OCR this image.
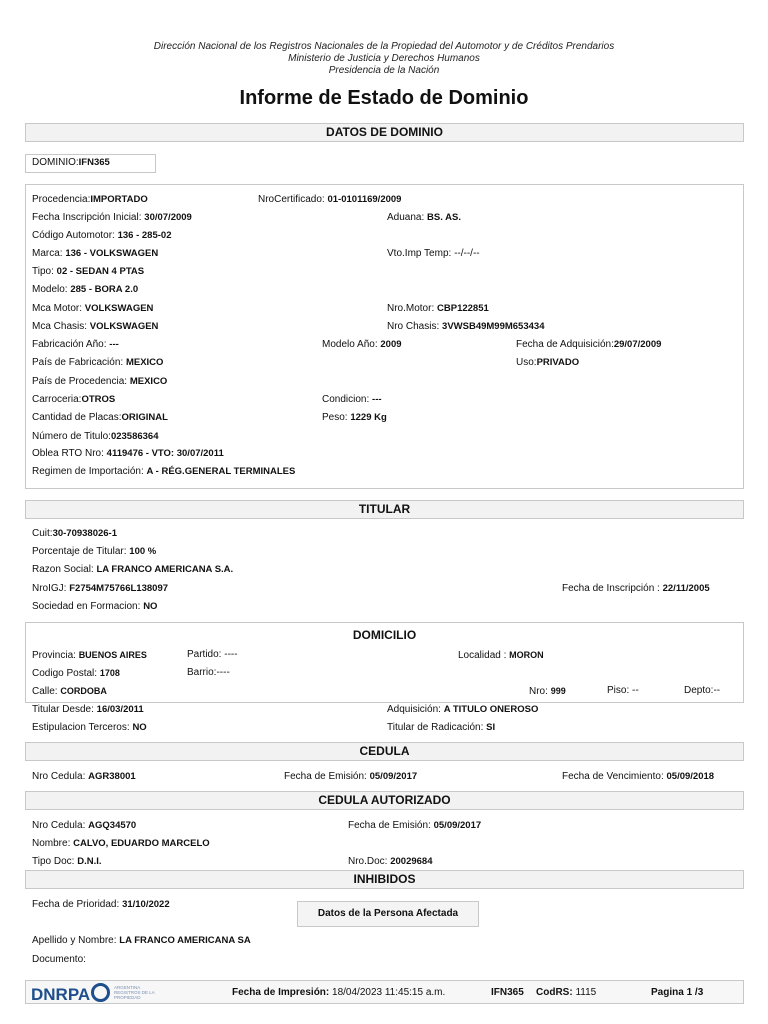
Dirección Nacional de los Registros Nacionales de la Propiedad del Automotor y de Créditos Prendarios
Ministerio de Justicia y Derechos Humanos
Presidencia de la Nación
Informe de Estado de Dominio
DATOS DE DOMINIO
DOMINIO:IFN365
Procedencia:IMPORTADO	NroCertificado: 01-0101169/2009
Fecha Inscripción Inicial: 30/07/2009	Aduana: BS. AS.
Código Automotor: 136 - 285-02
Marca: 136 - VOLKSWAGEN	Vto.Imp Temp: --/--/--
Tipo: 02 - SEDAN 4 PTAS
Modelo: 285 - BORA 2.0
Mca Motor: VOLKSWAGEN	Nro.Motor: CBP122851
Mca Chasis: VOLKSWAGEN	Nro Chasis: 3VWSB49M99M653434
Fabricación Año: ---	Modelo Año: 2009	Fecha de Adquisición:29/07/2009
País de Fabricación: MEXICO	Uso:PRIVADO
País de Procedencia: MEXICO
Carroceria:OTROS	Condicion: ---
Cantidad de Placas:ORIGINAL	Peso: 1229 Kg
Número de Titulo:023586364
Oblea RTO Nro: 4119476 - VTO: 30/07/2011
Regimen de Importación: A - RÉG.GENERAL TERMINALES
TITULAR
Cuit:30-70938026-1
Porcentaje de Titular: 100 %
Razon Social: LA FRANCO AMERICANA S.A.
NroIGJ: F2754M75766L138097	Fecha de Inscripción : 22/11/2005
Sociedad en Formacion: NO
DOMICILIO
Provincia: BUENOS AIRES	Partido: ----	Localidad : MORON
Codigo Postal: 1708	Barrio:----
Calle: CORDOBA	Nro: 999	Piso: --	Depto:--
Titular Desde: 16/03/2011	Adquisición: A TITULO ONEROSO
Estipulacion Terceros: NO	Titular de Radicación: SI
CEDULA
Nro Cedula: AGR38001	Fecha de Emisión: 05/09/2017	Fecha de Vencimiento: 05/09/2018
CEDULA AUTORIZADO
Nro Cedula: AGQ34570	Fecha de Emisión: 05/09/2017
Nombre: CALVO, EDUARDO MARCELO
Tipo Doc: D.N.I.	Nro.Doc: 20029684
INHIBIDOS
Fecha de Prioridad: 31/10/2022
Datos de la Persona Afectada
Apellido y Nombre: LA FRANCO AMERICANA SA
Documento:
DNRPA	ARGENTINA REGISTROS DE LA PROPIEDAD	Fecha de Impresión: 18/04/2023 11:45:15 a.m.	IFN365 CodRS: 1115	Pagina 1 /3
